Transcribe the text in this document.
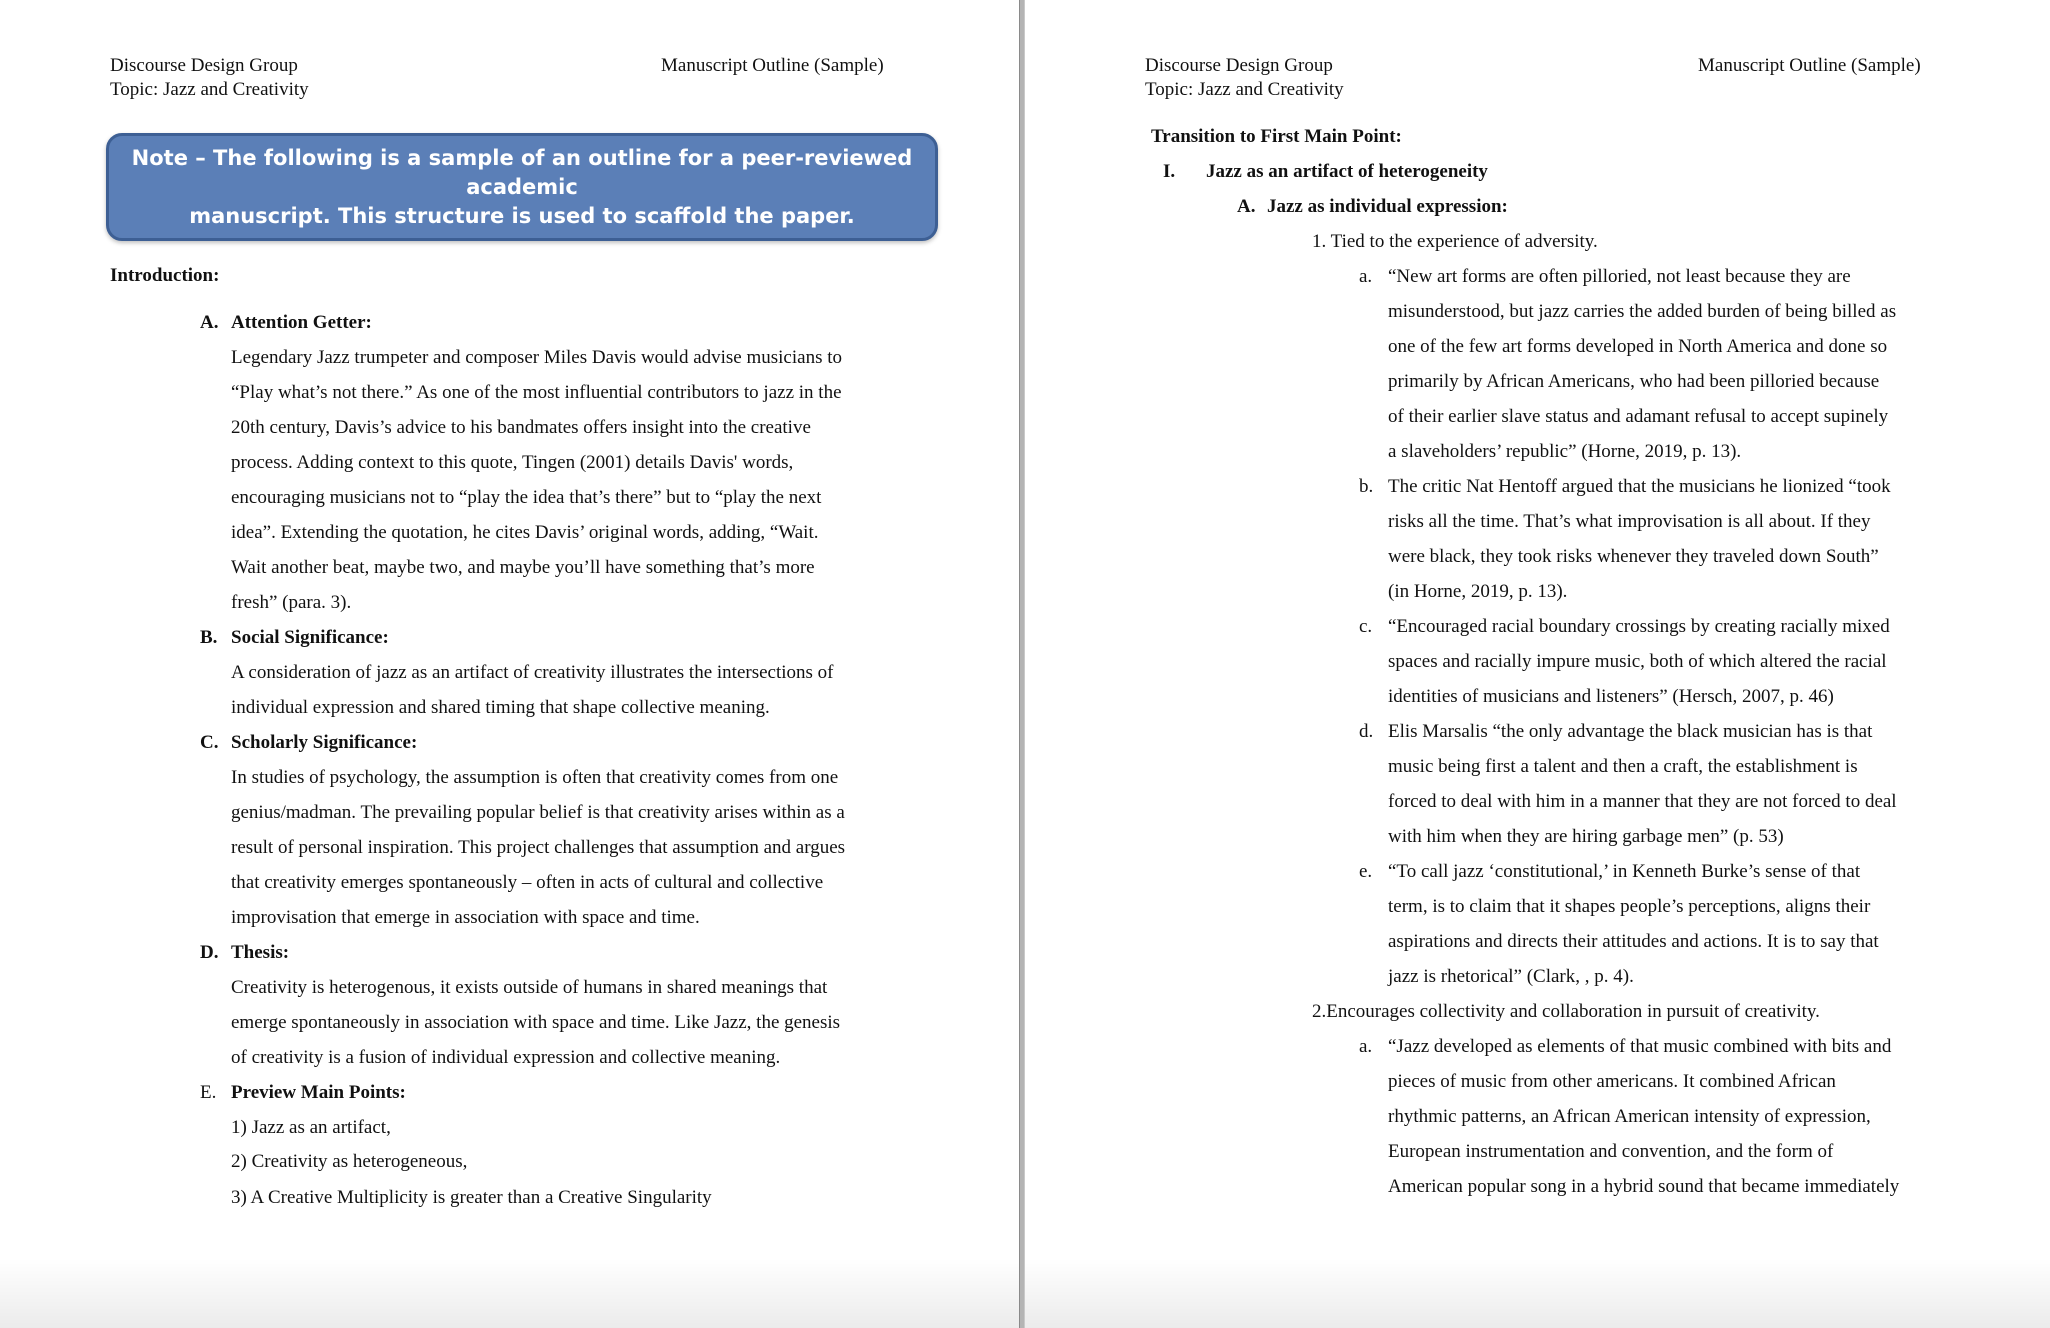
Discourse Design Group
Topic: Jazz and Creativity
Manuscript Outline (Sample)
Note – The following is a sample of an outline for a peer-reviewed academic
manuscript. This structure is used to scaffold the paper.
Introduction:
A. Attention Getter:
Legendary Jazz trumpeter and composer Miles Davis would advise musicians to
“Play what’s not there.” As one of the most influential contributors to jazz in the
20th century, Davis’s advice to his bandmates offers insight into the creative
process. Adding context to this quote, Tingen (2001) details Davis' words,
encouraging musicians not to “play the idea that’s there” but to “play the next
idea”. Extending the quotation, he cites Davis’ original words, adding, “Wait.
Wait another beat, maybe two, and maybe you’ll have something that’s more
fresh” (para. 3).
B. Social Significance:
A consideration of jazz as an artifact of creativity illustrates the intersections of
individual expression and shared timing that shape collective meaning.
C. Scholarly Significance:
In studies of psychology, the assumption is often that creativity comes from one
genius/madman. The prevailing popular belief is that creativity arises within as a
result of personal inspiration. This project challenges that assumption and argues
that creativity emerges spontaneously – often in acts of cultural and collective
improvisation that emerge in association with space and time.
D. Thesis:
Creativity is heterogenous, it exists outside of humans in shared meanings that
emerge spontaneously in association with space and time. Like Jazz, the genesis
of creativity is a fusion of individual expression and collective meaning.
E. Preview Main Points:
1) Jazz as an artifact,
2) Creativity as heterogeneous,
3) A Creative Multiplicity is greater than a Creative Singularity
Discourse Design Group
Topic: Jazz and Creativity
Manuscript Outline (Sample)
Transition to First Main Point:
I. Jazz as an artifact of heterogeneity
A. Jazz as individual expression:
1. Tied to the experience of adversity.
a. “New art forms are often pilloried, not least because they are
misunderstood, but jazz carries the added burden of being billed as
one of the few art forms developed in North America and done so
primarily by African Americans, who had been pilloried because
of their earlier slave status and adamant refusal to accept supinely
a slaveholders’ republic” (Horne, 2019, p. 13).
b. The critic Nat Hentoff argued that the musicians he lionized “took
risks all the time. That’s what improvisation is all about. If they
were black, they took risks whenever they traveled down South”
(in Horne, 2019, p. 13).
c. “Encouraged racial boundary crossings by creating racially mixed
spaces and racially impure music, both of which altered the racial
identities of musicians and listeners” (Hersch, 2007, p. 46)
d. Elis Marsalis “the only advantage the black musician has is that
music being first a talent and then a craft, the establishment is
forced to deal with him in a manner that they are not forced to deal
with him when they are hiring garbage men” (p. 53)
e. “To call jazz ‘constitutional,’ in Kenneth Burke’s sense of that
term, is to claim that it shapes people’s perceptions, aligns their
aspirations and directs their attitudes and actions. It is to say that
jazz is rhetorical” (Clark, , p. 4).
2.Encourages collectivity and collaboration in pursuit of creativity.
a. “Jazz developed as elements of that music combined with bits and
pieces of music from other americans. It combined African
rhythmic patterns, an African American intensity of expression,
European instrumentation and convention, and the form of
American popular song in a hybrid sound that became immediately
